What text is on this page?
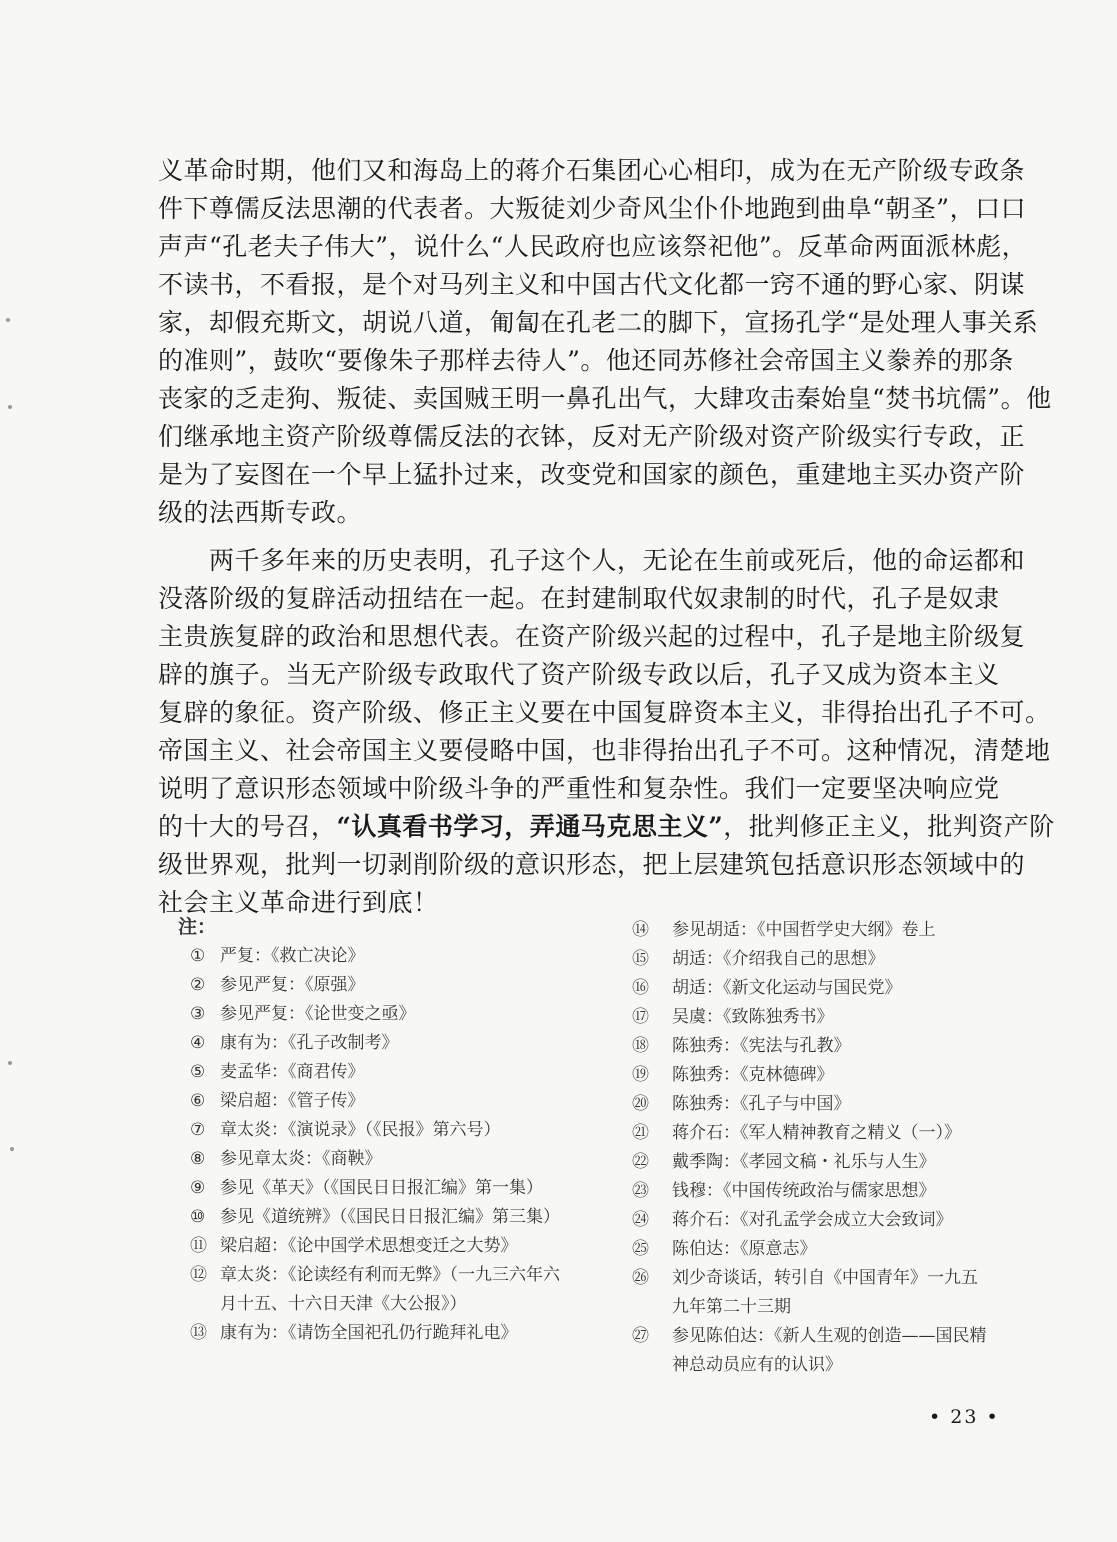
义革命时期，他们又和海岛上的蒋介石集团心心相印，成为在无产阶级专政条
件下尊儒反法思潮的代表者。大叛徒刘少奇风尘仆仆地跑到曲阜“朝圣”，口口
声声“孔老夫子伟大”，说什么“人民政府也应该祭祀他”。反革命两面派林彪，
不读书，不看报，是个对马列主义和中国古代文化都一窍不通的野心家、阴谋
家，却假充斯文，胡说八道，匍匐在孔老二的脚下，宣扬孔学“是处理人事关系
的准则”，鼓吹“要像朱子那样去待人”。他还同苏修社会帝国主义豢养的那条
丧家的乏走狗、叛徒、卖国贼王明一鼻孔出气，大肆攻击秦始皇“焚书坑儒”。他
们继承地主资产阶级尊儒反法的衣钵，反对无产阶级对资产阶级实行专政，正
是为了妄图在一个早上猛扑过来，改变党和国家的颜色，重建地主买办资产阶
级的法西斯专政。
　　两千多年来的历史表明，孔子这个人，无论在生前或死后，他的命运都和
没落阶级的复辟活动扭结在一起。在封建制取代奴隶制的时代，孔子是奴隶
主贵族复辟的政治和思想代表。在资产阶级兴起的过程中，孔子是地主阶级复
辟的旗子。当无产阶级专政取代了资产阶级专政以后，孔子又成为资本主义
复辟的象征。资产阶级、修正主义要在中国复辟资本主义，非得抬出孔子不可。
帝国主义、社会帝国主义要侵略中国，也非得抬出孔子不可。这种情况，清楚地
说明了意识形态领域中阶级斗争的严重性和复杂性。我们一定要坚决响应党
的十大的号召，“认真看书学习，弄通马克思主义”，批判修正主义，批判资产阶
级世界观，批判一切剥削阶级的意识形态，把上层建筑包括意识形态领域中的
社会主义革命进行到底！
注：
① 严复：《救亡决论》
② 参见严复：《原强》
③ 参见严复：《论世变之亟》
④ 康有为：《孔子改制考》
⑤ 麦孟华：《商君传》
⑥ 梁启超：《管子传》
⑦ 章太炎：《演说录》（《民报》第六号）
⑧ 参见章太炎：《商鞅》
⑨ 参见《革天》（《国民日日报汇编》第一集）
⑩ 参见《道统辨》（《国民日日报汇编》第三集）
⑪ 梁启超：《论中国学术思想变迁之大势》
⑫ 章太炎：《论读经有利而无弊》（一九三六年六月十五、十六日天津《大公报》）
⑬ 康有为：《请饬全国祀孔仍行跪拜礼电》
⑭	参见胡适：《中国哲学史大纲》卷上
⑮	胡适：《介绍我自己的思想》
⑯	胡适：《新文化运动与国民党》
⑰	吴虞：《致陈独秀书》
⑱	陈独秀：《宪法与孔教》
⑲	陈独秀：《克林德碑》
⑳	陈独秀：《孔子与中国》
㉑	蒋介石：《军人精神教育之精义（一）》
㉒	戴季陶：《孝园文稿・礼乐与人生》
㉓	钱穆：《中国传统政治与儒家思想》
㉔	蒋介石：《对孔孟学会成立大会致词》
㉕	陈伯达：《原意志》
㉖	刘少奇谈话，转引自《中国青年》一九五九年第二十三期
㉗	参见陈伯达：《新人生观的创造——国民精神总动员应有的认识》
• 23 •
